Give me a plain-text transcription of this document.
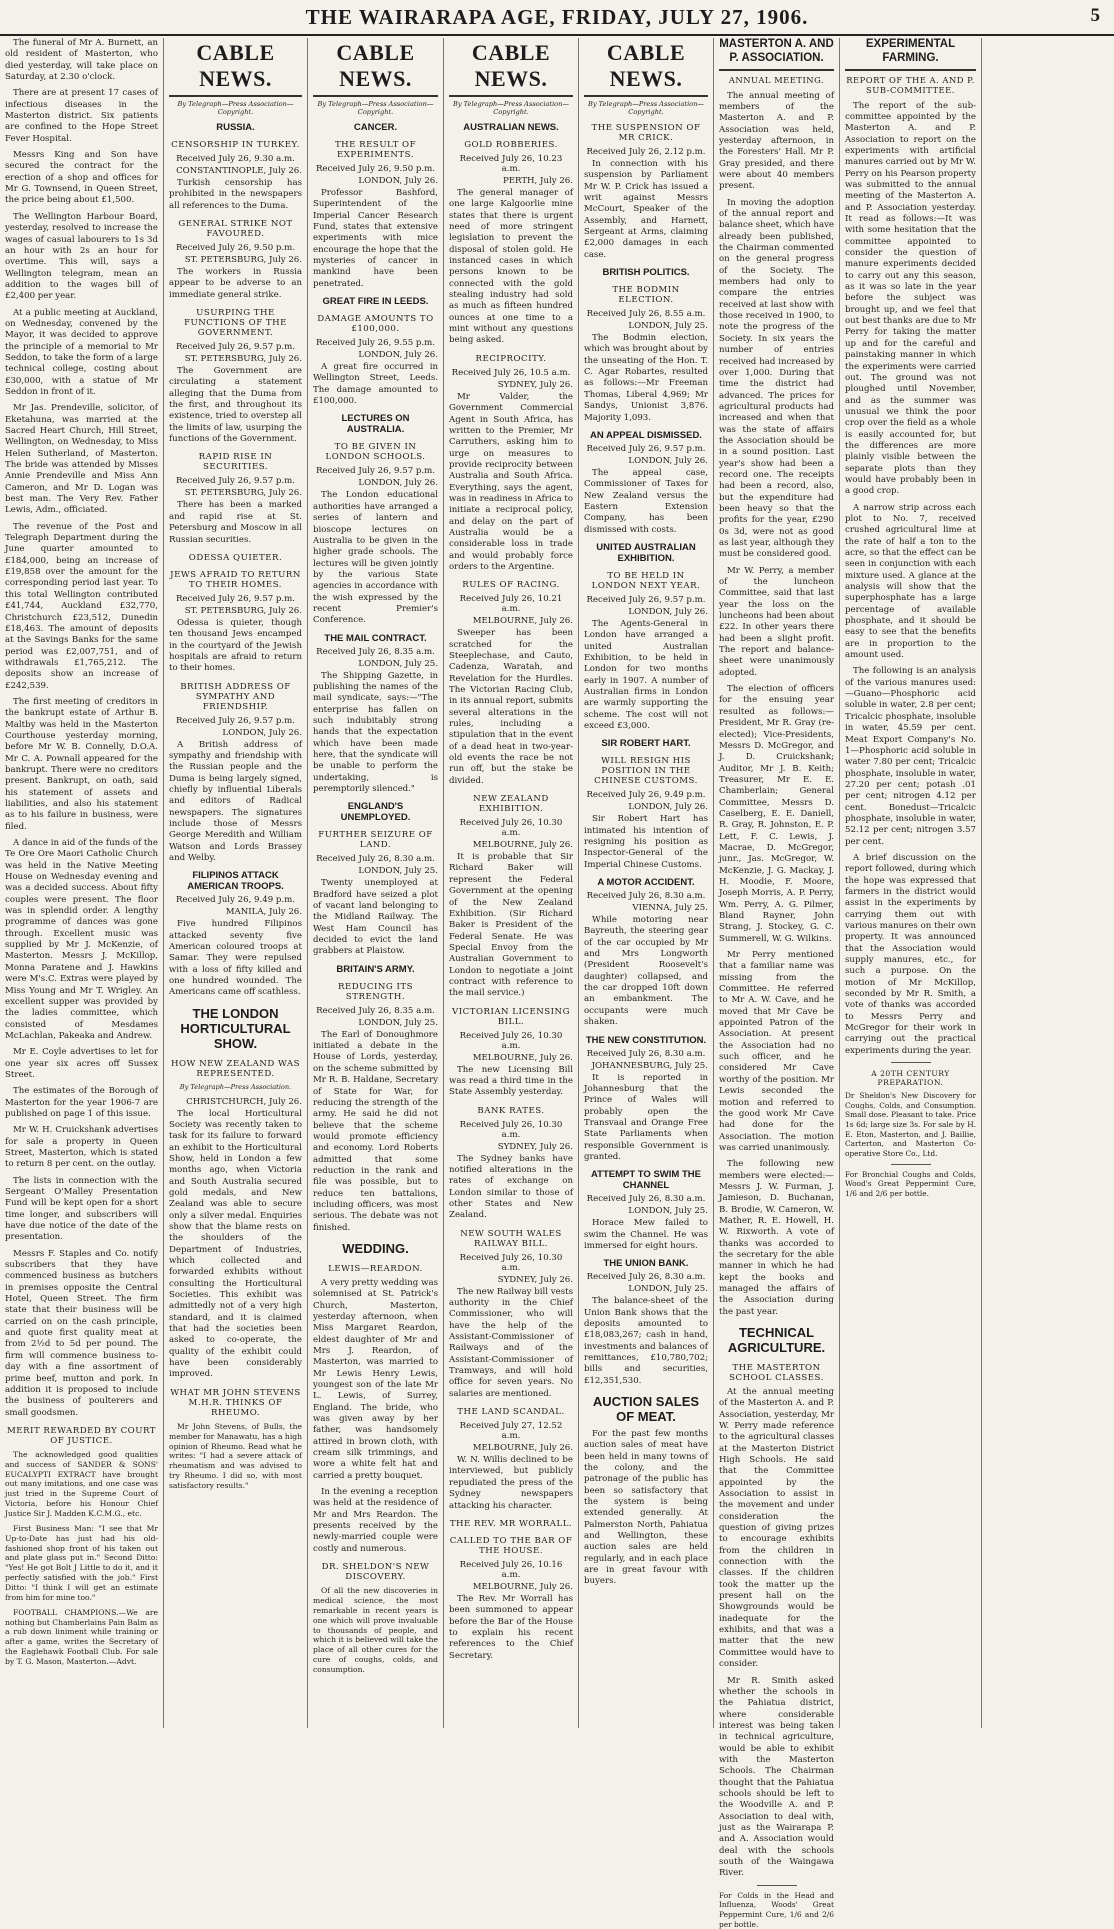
THE WAIRARAPA AGE, FRIDAY, JULY 27, 1906.	5

The funeral of Mr A. Burnett, an old resident of Masterton, who died yesterday, will take place on Saturday, at 2.30 o'clock.

There are at present 17 cases of infectious diseases in the Masterton district. Six patients are confined to the Hope Street Fever Hospital.

Messrs King and Son have secured the contract for the erection of a shop and offices for Mr G. Townsend, in Queen Street, the price being about £1,500.

The Wellington Harbour Board, yesterday, resolved to increase the wages of casual labourers to 1s 3d an hour with 2s an hour for overtime. This will, says a Wellington telegram, mean an addition to the wages bill of £2,400 per year.

At a public meeting at Auckland, on Wednesday, convened by the Mayor, it was decided to approve the principle of a memorial to Mr Seddon, to take the form of a large technical college, costing about £30,000, with a statue of Mr Seddon in front of it.

Mr Jas. Prendeville, solicitor, of Eketahuna, was married at the Sacred Heart Church, Hill Street, Wellington, on Wednesday, to Miss Helen Sutherland, of Masterton. The bride was attended by Misses Annie Prendeville and Miss Ann Cameron, and Mr D. Logan was best man. The Very Rev. Father Lewis, Adm., officiated.

The revenue of the Post and Telegraph Department during the June quarter amounted to £184,000, being an increase of £19,858 over the amount for the corresponding period last year. To this total Wellington contributed £41,744, Auckland £32,770, Christchurch £23,512, Dunedin £18,463. The amount of deposits at the Savings Banks for the same period was £2,007,751, and of withdrawals £1,765,212. The deposits show an increase of £242,539.

The first meeting of creditors in the bankrupt estate of Arthur B. Maltby was held in the Masterton Courthouse yesterday morning, before Mr W. B. Connelly, D.O.A. Mr C. A. Pownall appeared for the bankrupt. There were no creditors present. Bankrupt, on oath, said his statement of assets and liabilities, and also his statement as to his failure in business, were filed.

A dance in aid of the funds of the Te Ore Ore Maori Catholic Church was held in the Native Meeting House on Wednesday evening and was a decided success. About fifty couples were present. The floor was in splendid order. A lengthy programme of dances was gone through. Excellent music was supplied by Mr J. McKenzie, of Masterton. Messrs J. McKillop, Monna Paratene and J. Hawkins were M's.C. Extras were played by Miss Young and Mr T. Wrigley. An excellent supper was provided by the ladies committee, which consisted of Mesdames McLachlan, Pakeaka and Andrew.

Mr E. Coyle advertises to let for one year six acres off Sussex Street.

The estimates of the Borough of Masterton for the year 1906-7 are published on page 1 of this issue.

Mr W. H. Cruickshank advertises for sale a property in Queen Street, Masterton, which is stated to return 8 per cent. on the outlay.

The lists in connection with the Sergeant O'Malley Presentation Fund will be kept open for a short time longer, and subscribers will have due notice of the date of the presentation.

Messrs F. Staples and Co. notify subscribers that they have commenced business as butchers in premises opposite the Central Hotel, Queen Street. The firm state that their business will be carried on on the cash principle, and quote first quality meat at from 2½d to 5d per pound. The firm will commence business to-day with a fine assortment of prime beef, mutton and pork. In addition it is proposed to include the business of poulterers and small goodsmen.

MERIT REWARDED BY COURT OF JUSTICE.

The acknowledged good qualities and success of SANDER & SONS' EUCALYPTI EXTRACT have brought out many imitations, and one case was just tried in the Supreme Court of Victoria, before his Honour Chief Justice Sir J. Madden K.C.M.G., etc.

First Business Man: "I see that Mr Up-to-Date has just had his old-fashioned shop front of his taken out and plate glass put in." Second Ditto: "Yes! He got Bolt J Little to do it, and it perfectly satisfied with the job." First Ditto: "I think I will get an estimate from him for mine too."

FOOTBALL CHAMPIONS.—We are nothing but Chamberlains Pain Balm as a rub down liniment while training or after a game, writes the Secretary of the Eaglehawk Football Club. For sale by T. G. Mason, Masterton.—Advt.

CABLE NEWS.
By Telegraph—Press Association—Copyright.
RUSSIA.
CENSORSHIP IN TURKEY.
Received July 26, 9.30 a.m.
CONSTANTINOPLE, July 26.

Turkish censorship has prohibited in the newspapers all references to the Duma.

GENERAL STRIKE NOT FAVOURED.
Received July 26, 9.50 p.m.
ST. PETERSBURG, July 26.

The workers in Russia appear to be adverse to an immediate general strike.

USURPING THE FUNCTIONS OF THE GOVERNMENT.
Received July 26, 9.57 p.m.
ST. PETERSBURG, July 26.

The Government are circulating a statement alleging that the Duma from the first, and throughout its existence, tried to overstep all the limits of law, usurping the functions of the Government.

RAPID RISE IN SECURITIES.
Received July 26, 9.57 p.m.
ST. PETERSBURG, July 26.

There has been a marked and rapid rise at St. Petersburg and Moscow in all Russian securities.

ODESSA QUIETER.
JEWS AFRAID TO RETURN TO THEIR HOMES.
Received July 26, 9.57 p.m.
ST. PETERSBURG, July 26.

Odessa is quieter, though ten thousand Jews encamped in the courtyard of the Jewish hospitals are afraid to return to their homes.

BRITISH ADDRESS OF SYMPATHY AND FRIENDSHIP.
Received July 26, 9.57 p.m.
LONDON, July 26.

A British address of sympathy and friendship with the Russian people and the Duma is being largely signed, chiefly by influential Liberals and editors of Radical newspapers. The signatures include those of Messrs George Meredith and William Watson and Lords Brassey and Welby.

FILIPINOS ATTACK AMERICAN TROOPS.
Received July 26, 9.49 p.m.
MANILA, July 26.

Five hundred Filipinos attacked seventy five American coloured troops at Samar. They were repulsed with a loss of fifty killed and one hundred wounded. The Americans came off scathless.

THE LONDON HORTICULTURAL SHOW.
HOW NEW ZEALAND WAS REPRESENTED.
By Telegraph—Press Association.
CHRISTCHURCH, July 26.

The local Horticultural Society was recently taken to task for its failure to forward an exhibit to the Horticultural Show, held in London a few months ago, when Victoria and South Australia secured gold medals, and New Zealand was able to secure only a silver medal. Enquiries show that the blame rests on the shoulders of the Department of Industries, which collected and forwarded exhibits without consulting the Horticultural Societies. This exhibit was admittedly not of a very high standard, and it is claimed that had the societies been asked to co-operate, the quality of the exhibit could have been considerably improved.

WHAT MR JOHN STEVENS M.H.R. THINKS OF RHEUMO.

Mr John Stevens, of Bulls, the member for Manawatu, has a high opinion of Rheumo. Read what he writes: "I had a severe attack of rheumatism and was advised to try Rheumo. I did so, with most satisfactory results."

CABLE NEWS.
By Telegraph—Press Association—Copyright.
CANCER.
THE RESULT OF EXPERIMENTS.
Received July 26, 9.50 p.m.
LONDON, July 26.

Professor Bashford, Superintendent of the Imperial Cancer Research Fund, states that extensive experiments with mice encourage the hope that the mysteries of cancer in mankind have been penetrated.

GREAT FIRE IN LEEDS.
DAMAGE AMOUNTS TO £100,000.
Received July 26, 9.55 p.m.
LONDON, July 26.

A great fire occurred in Wellington Street, Leeds. The damage amounted to £100,000.

LECTURES ON AUSTRALIA.
TO BE GIVEN IN LONDON SCHOOLS.
Received July 26, 9.57 p.m.
LONDON, July 26.

The London educational authorities have arranged a series of lantern and bioscope lectures on Australia to be given in the higher grade schools. The lectures will be given jointly by the various State agencies in accordance with the wish expressed by the recent Premier's Conference.

THE MAIL CONTRACT.
Received July 26, 8.35 a.m.
LONDON, July 25.

The Shipping Gazette, in publishing the names of the mail syndicate, says:—"The enterprise has fallen on such indubitably strong hands that the expectation which have been made here, that the syndicate will be unable to perform the undertaking, is peremptorily silenced."

ENGLAND'S UNEMPLOYED.
FURTHER SEIZURE OF LAND.
Received July 26, 8.30 a.m.
LONDON, July 25.

Twenty unemployed at Bradford have seized a plot of vacant land belonging to the Midland Railway. The West Ham Council has decided to evict the land grabbers at Plaistow.

BRITAIN'S ARMY.
REDUCING ITS STRENGTH.
Received July 26, 8.35 a.m.
LONDON, July 25.

The Earl of Donoughmore initiated a debate in the House of Lords, yesterday, on the scheme submitted by Mr R. B. Haldane, Secretary of State for War, for reducing the strength of the army. He said he did not believe that the scheme would promote efficiency and economy. Lord Roberts admitted that some reduction in the rank and file was possible, but to reduce ten battalions, including officers, was most serious. The debate was not finished.

WEDDING.
LEWIS—REARDON.

A very pretty wedding was solemnised at St. Patrick's Church, Masterton, yesterday afternoon, when Miss Margaret Reardon, eldest daughter of Mr and Mrs J. Reardon, of Masterton, was married to Mr Lewis Henry Lewis, youngest son of the late Mr L. Lewis, of Surrey, England. The bride, who was given away by her father, was handsomely attired in brown cloth, with cream silk trimmings, and wore a white felt hat and carried a pretty bouquet.

In the evening a reception was held at the residence of Mr and Mrs Reardon. The presents received by the newly-married couple were costly and numerous.

DR. SHELDON'S NEW DISCOVERY.

Of all the new discoveries in medical science, the most remarkable in recent years is one which will prove invaluable to thousands of people, and which it is believed will take the place of all other cures for the cure of coughs, colds, and consumption.

CABLE NEWS.
By Telegraph—Press Association—Copyright.
AUSTRALIAN NEWS.
GOLD ROBBERIES.
Received July 26, 10.23 a.m.
PERTH, July 26.

The general manager of one large Kalgoorlie mine states that there is urgent need of more stringent legislation to prevent the disposal of stolen gold. He instanced cases in which persons known to be connected with the gold stealing industry had sold as much as fifteen hundred ounces at one time to a mint without any questions being asked.

RECIPROCITY.
Received July 26, 10.5 a.m.
SYDNEY, July 26.

Mr Valder, the Government Commercial Agent in South Africa, has written to the Premier, Mr Carruthers, asking him to urge on measures to provide reciprocity between Australia and South Africa. Everything, says the agent, was in readiness in Africa to initiate a reciprocal policy, and delay on the part of Australia would be a considerable loss in trade and would probably force orders to the Argentine.

RULES OF RACING.
Received July 26, 10.21 a.m.
MELBOURNE, July 26.

Sweeper has been scratched for the Steeplechase, and Cauto, Cadenza, Waratah, and Revelation for the Hurdles. The Victorian Racing Club, in its annual report, submits several alterations in the rules, including a stipulation that in the event of a dead heat in two-year-old events the race be not run off, but the stake be divided.

NEW ZEALAND EXHIBITION.
Received July 26, 10.30 a.m.
MELBOURNE, July 26.

It is probable that Sir Richard Baker will represent the Federal Government at the opening of the New Zealand Exhibition. (Sir Richard Baker is President of the Federal Senate. He was Special Envoy from the Australian Government to London to negotiate a joint contract with reference to the mail service.)

VICTORIAN LICENSING BILL.
Received July 26, 10.30 a.m.
MELBOURNE, July 26.

The new Licensing Bill was read a third time in the State Assembly yesterday.

BANK RATES.
Received July 26, 10.30 a.m.
SYDNEY, July 26.

The Sydney banks have notified alterations in the rates of exchange on London similar to those of other States and New Zealand.

NEW SOUTH WALES RAILWAY BILL.
Received July 26, 10.30 a.m.
SYDNEY, July 26.

The new Railway bill vests authority in the Chief Commissioner, who will have the help of the Assistant-Commissioner of Railways and of the Assistant-Commissioner of Tramways, and will hold office for seven years. No salaries are mentioned.

THE LAND SCANDAL.
Received July 27, 12.52 a.m.
MELBOURNE, July 26.

W. N. Willis declined to be interviewed, but publicly repudiated the press of the Sydney newspapers attacking his character.

THE REV. MR WORRALL.
CALLED TO THE BAR OF THE HOUSE.
Received July 26, 10.16 a.m.
MELBOURNE, July 26.

The Rev. Mr Worrall has been summoned to appear before the Bar of the House to explain his recent references to the Chief Secretary.

CABLE NEWS.
By Telegraph—Press Association—Copyright.
THE SUSPENSION OF MR CRICK.
Received July 26, 2.12 p.m.

In connection with his suspension by Parliament Mr W. P. Crick has issued a writ against Messrs McCourt, Speaker of the Assembly, and Harnett, Sergeant at Arms, claiming £2,000 damages in each case.

BRITISH POLITICS.
THE BODMIN ELECTION.
Received July 26, 8.55 a.m.
LONDON, July 25.

The Bodmin election, which was brought about by the unseating of the Hon. T. C. Agar Robartes, resulted as follows:—Mr Freeman Thomas, Liberal 4,969; Mr Sandys, Unionist 3,876. Majority 1,093.

AN APPEAL DISMISSED.
Received July 26, 9.57 p.m.
LONDON, July 26.

The appeal case, Commissioner of Taxes for New Zealand versus the Eastern Extension Company, has been dismissed with costs.

UNITED AUSTRALIAN EXHIBITION.
TO BE HELD IN LONDON NEXT YEAR.
Received July 26, 9.57 p.m.
LONDON, July 26.

The Agents-General in London have arranged a united Australian Exhibition, to be held in London for two months early in 1907. A number of Australian firms in London are warmly supporting the scheme. The cost will not exceed £3,000.

SIR ROBERT HART.
WILL RESIGN HIS POSITION IN THE CHINESE CUSTOMS.
Received July 26, 9.49 p.m.
LONDON, July 26.

Sir Robert Hart has intimated his intention of resigning his position as Inspector-General of the Imperial Chinese Customs.

A MOTOR ACCIDENT.
Received July 26, 8.30 a.m.
VIENNA, July 25.

While motoring near Bayreuth, the steering gear of the car occupied by Mr and Mrs Longworth (President Roosevelt's daughter) collapsed, and the car dropped 10ft down an embankment. The occupants were much shaken.

THE NEW CONSTITUTION.
Received July 26, 8.30 a.m.
JOHANNESBURG, July 25.

It is reported in Johannesburg that the Prince of Wales will probably open the Transvaal and Orange Free State Parliaments when responsible Government is granted.

ATTEMPT TO SWIM THE CHANNEL
Received July 26, 8.30 a.m.
LONDON, July 25.

Horace Mew failed to swim the Channel. He was immersed for eight hours.

THE UNION BANK.
Received July 26, 8.30 a.m.
LONDON, July 25.

The balance-sheet of the Union Bank shows that the deposits amounted to £18,083,267; cash in hand, investments and balances of remittances, £10,780,702; bills and securities, £12,351,530.

AUCTION SALES OF MEAT.

For the past few months auction sales of meat have been held in many towns of the colony, and the patronage of the public has been so satisfactory that the system is being extended generally. At Palmerston North, Pahiatua and Wellington, these auction sales are held regularly, and in each place are in great favour with buyers.

MASTERTON A. AND P. ASSOCIATION.
ANNUAL MEETING.

The annual meeting of members of the Masterton A. and P. Association was held, yesterday afternoon, in the Foresters' Hall. Mr P. Gray presided, and there were about 40 members present.

In moving the adoption of the annual report and balance sheet, which have already been published, the Chairman commented on the general progress of the Society. The members had only to compare the entries received at last show with those received in 1900, to note the progress of the Society. In six years the number of entries received had increased by over 1,000. During that time the district had advanced. The prices for agricultural products had increased and when that was the state of affairs the Association should be in a sound position. Last year's show had been a record one. The receipts had been a record, also, but the expenditure had been heavy so that the profits for the year, £290 0s 3d, were not as good as last year, although they must be considered good.

Mr W. Perry, a member of the luncheon Committee, said that last year the loss on the luncheons had been about £22. In other years there had been a slight profit. The report and balance-sheet were unanimously adopted.

The election of officers for the ensuing year resulted as follows:—President, Mr R. Gray (re-elected); Vice-Presidents, Messrs D. McGregor, and J. D. Cruickshank; Auditor, Mr J. B. Keith; Treasurer, Mr E. E. Chamberlain; General Committee, Messrs D. Caselberg, E. E. Daniell, R. Gray, R. Johnston, E. P. Lett, F. C. Lewis, J. Macrae, D. McGregor, junr., Jas. McGregor, W. McKenzie, J. G. Mackay, J. H. Moodie, F. Moore, Joseph Morris, A. P. Perry, Wm. Perry, A. G. Pilmer, Bland Rayner, John Strang, J. Stockey, G. C. Summerell, W. G. Wilkins.

Mr Perry mentioned that a familiar name was missing from the Committee. He referred to Mr A. W. Cave, and he moved that Mr Cave be appointed Patron of the Association. At present the Association had no such officer, and he considered Mr Cave worthy of the position. Mr Lewis seconded the motion and referred to the good work Mr Cave had done for the Association. The motion was carried unanimously.

The following new members were elected:—Messrs J. W. Furman, J. Jamieson, D. Buchanan, B. Brodie, W. Cameron, W. Mather, R. E. Howell, H. W. Rixworth. A vote of thanks was accorded to the secretary for the able manner in which he had kept the books and managed the affairs of the Association during the past year.

TECHNICAL AGRICULTURE.
THE MASTERTON SCHOOL CLASSES.

At the annual meeting of the Masterton A. and P. Association, yesterday, Mr W. Perry made reference to the agricultural classes at the Masterton District High Schools. He said that the Committee appointed by the Association to assist in the movement and under consideration the question of giving prizes to encourage exhibits from the children in connection with the classes. If the children took the matter up the present hall on the Showgrounds would be inadequate for the exhibits, and that was a matter that the new Committee would have to consider.

Mr R. Smith asked whether the schools in the Pahiatua district, where considerable interest was being taken in technical agriculture, would be able to exhibit with the Masterton Schools. The Chairman thought that the Pahiatua schools should be left to the Woodville A. and P. Association to deal with, just as the Wairarapa P. and A. Association would deal with the schools south of the Waingawa River.

For Colds in the Head and Influenza, Woods' Great Peppermint Cure, 1/6 and 2/6 per bottle.
EXPERIMENTAL FARMING.
REPORT OF THE A. AND P. SUB-COMMITTEE.

The report of the sub-committee appointed by the Masterton A. and P. Association to report on the experiments with artificial manures carried out by Mr W. Perry on his Pearson property was submitted to the annual meeting of the Masterton A. and P. Association yesterday. It read as follows:—It was with some hesitation that the committee appointed to consider the question of manure experiments decided to carry out any this season, as it was so late in the year before the subject was brought up, and we feel that out best thanks are due to Mr Perry for taking the matter up and for the careful and painstaking manner in which the experiments were carried out. The ground was not ploughed until November, and as the summer was unusual we think the poor crop over the field as a whole is easily accounted for, but the differences are more plainly visible between the separate plots than they would have probably been in a good crop.

A narrow strip across each plot to No. 7, received crushed agricultural lime at the rate of half a ton to the acre, so that the effect can be seen in conjunction with each mixture used. A glance at the analysis will show that the superphosphate has a large percentage of available phosphate, and it should be easy to see that the benefits are in proportion to the amount used.

The following is an analysis of the various manures used:—Guano—Phosphoric acid soluble in water, 2.8 per cent; Tricalcic phosphate, insoluble in water, 45.59 per cent. Meat Export Company's No. 1—Phosphoric acid soluble in water 7.80 per cent; Tricalcic phosphate, insoluble in water, 27.20 per cent; potash .01 per cent; nitrogen 4.12 per cent. Bonedust—Tricalcic phosphate, insoluble in water, 52.12 per cent; nitrogen 3.57 per cent.

A brief discussion on the report followed, during which the hope was expressed that farmers in the district would assist in the experiments by carrying them out with various manures on their own property. It was announced that the Association would supply manures, etc., for such a purpose. On the motion of Mr McKillop, seconded by Mr R. Smith, a vote of thanks was accorded to Messrs Perry and McGregor for their work in carrying out the practical experiments during the year.

A 20TH CENTURY PREPARATION.
Dr Sheldon's New Discovery for Coughs, Colds, and Consumption. Small dose. Pleasant to take. Price 1s 6d; large size 3s. For sale by H. E. Eton, Masterton, and J. Baillie, Carterton, and Masterton Co-operative Store Co., Ltd.
For Bronchial Coughs and Colds, Wood's Great Peppermint Cure, 1/6 and 2/6 per bottle.
